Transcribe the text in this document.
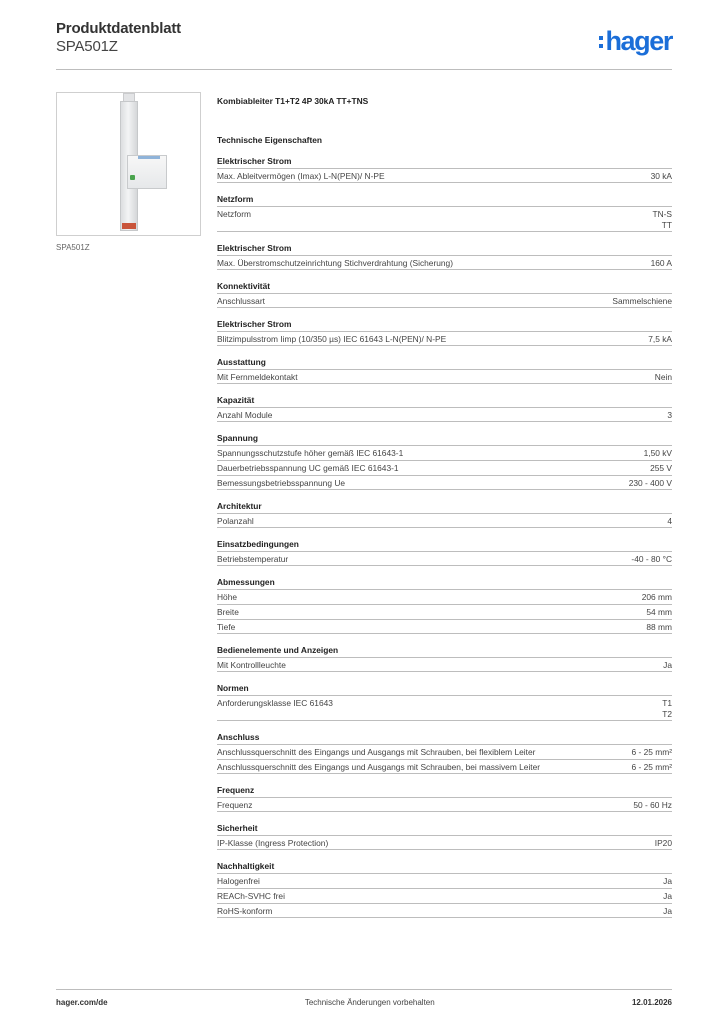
Produktdatenblatt
SPA501Z	hager
SPA501Z
Kombiableiter T1+T2 4P 30kA TT+TNS
Technische Eigenschaften
Elektrischer Strom
Max. Ableitvermögen (Imax) L-N(PEN)/ N-PE	30 kA
Netzform
Netzform	TN-S
TT
Elektrischer Strom
Max. Überstromschutzeinrichtung Stichverdrahtung (Sicherung)	160 A
Konnektivität
Anschlussart	Sammelschiene
Elektrischer Strom
Blitzimpulsstrom Iimp (10/350 µs) IEC 61643 L-N(PEN)/ N-PE	7,5 kA
Ausstattung
Mit Fernmeldekontakt	Nein
Kapazität
Anzahl Module	3
Spannung
Spannungsschutzstufe höher gemäß IEC 61643-1	1,50 kV
Dauerbetriebsspannung UC gemäß IEC 61643-1	255 V
Bemessungsbetriebsspannung Ue	230 - 400 V
Architektur
Polanzahl	4
Einsatzbedingungen
Betriebstemperatur	-40 - 80 °C
Abmessungen
Höhe	206 mm
Breite	54 mm
Tiefe	88 mm
Bedienelemente und Anzeigen
Mit Kontrollleuchte	Ja
Normen
Anforderungsklasse IEC 61643	T1
T2
Anschluss
Anschlussquerschnitt des Eingangs und Ausgangs mit Schrauben, bei flexiblem Leiter	6 - 25 mm²
Anschlussquerschnitt des Eingangs und Ausgangs mit Schrauben, bei massivem Leiter	6 - 25 mm²
Frequenz
Frequenz	50 - 60 Hz
Sicherheit
IP-Klasse (Ingress Protection)	IP20
Nachhaltigkeit
Halogenfrei	Ja
REACh-SVHC frei	Ja
RoHS-konform	Ja
hager.com/de	Technische Änderungen vorbehalten	12.01.2026
